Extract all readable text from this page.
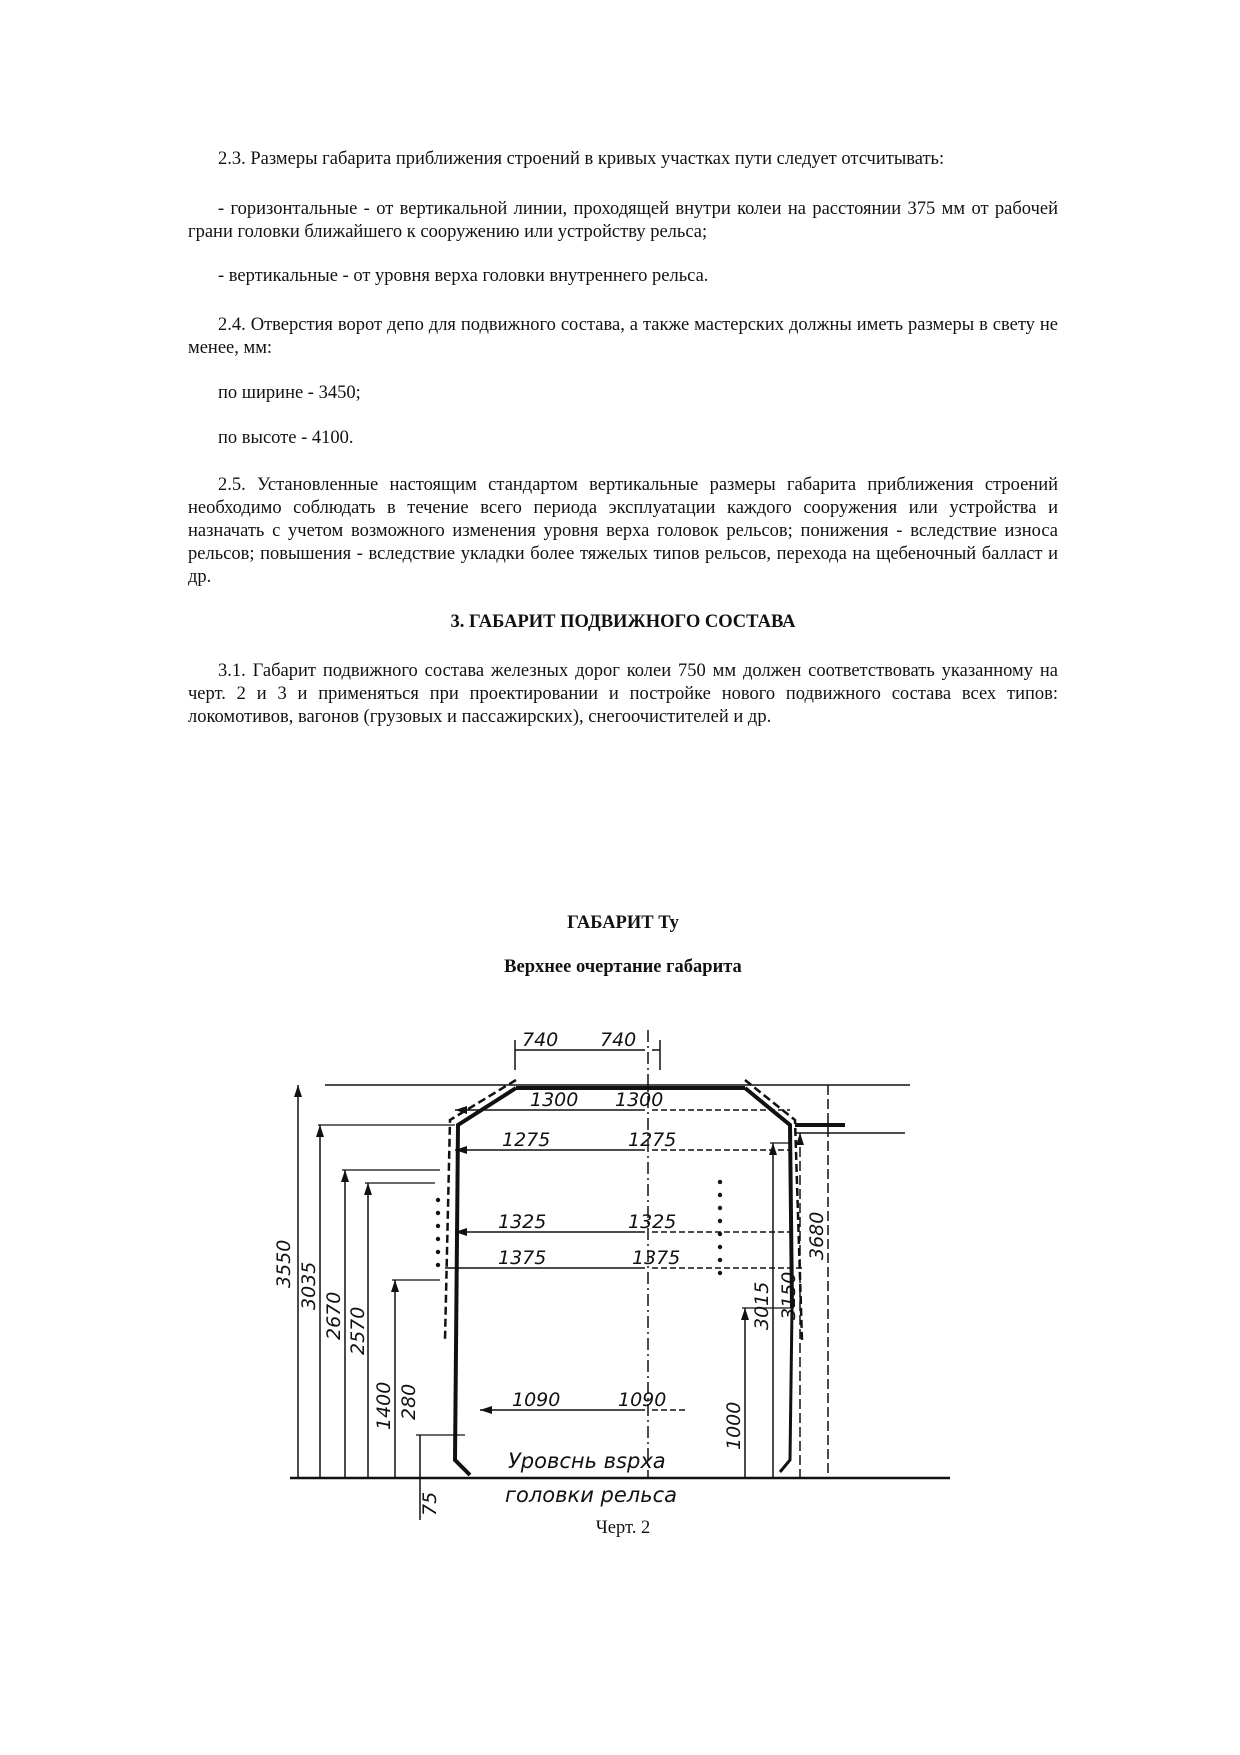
2.3. Размеры габарита приближения строений в кривых участках пути следует отсчитывать:

- горизонтальные - от вертикальной линии, проходящей внутри колеи на расстоянии 375 мм от рабочей грани головки ближайшего к сооружению или устройству рельса;

- вертикальные - от уровня верха головки внутреннего рельса.

2.4. Отверстия ворот депо для подвижного состава, а также мастерских должны иметь размеры в свету не менее, мм:

по ширине - 3450;

по высоте - 4100.

2.5. Установленные настоящим стандартом вертикальные размеры габарита приближения строений необходимо соблюдать в течение всего периода эксплуатации каждого сооружения или устройства и назначать с учетом возможного изменения уровня верха головок рельсов; понижения - вследствие износа рельсов; повышения - вследствие укладки более тяжелых типов рельсов, перехода на щебеночный балласт и др.

3. ГАБАРИТ ПОДВИЖНОГО СОСТАВА

3.1. Габарит подвижного состава железных дорог колеи 750 мм должен соответствовать указанному на черт. 2 и 3 и применяться при проектировании и постройке нового подвижного состава всех типов: локомотивов, вагонов (грузовых и пассажирских), снегоочистителей и др.

ГАБАРИТ Ту
Верхнее очертание габарита
740 740
1300 1300
1275	1275
1325	1325
1375	1375
1090	1090
3550 3035
2670 2570
1400 280
75
3015 3150
3680
1000
Уровснь вsрха
головки рельса
Черт. 2
